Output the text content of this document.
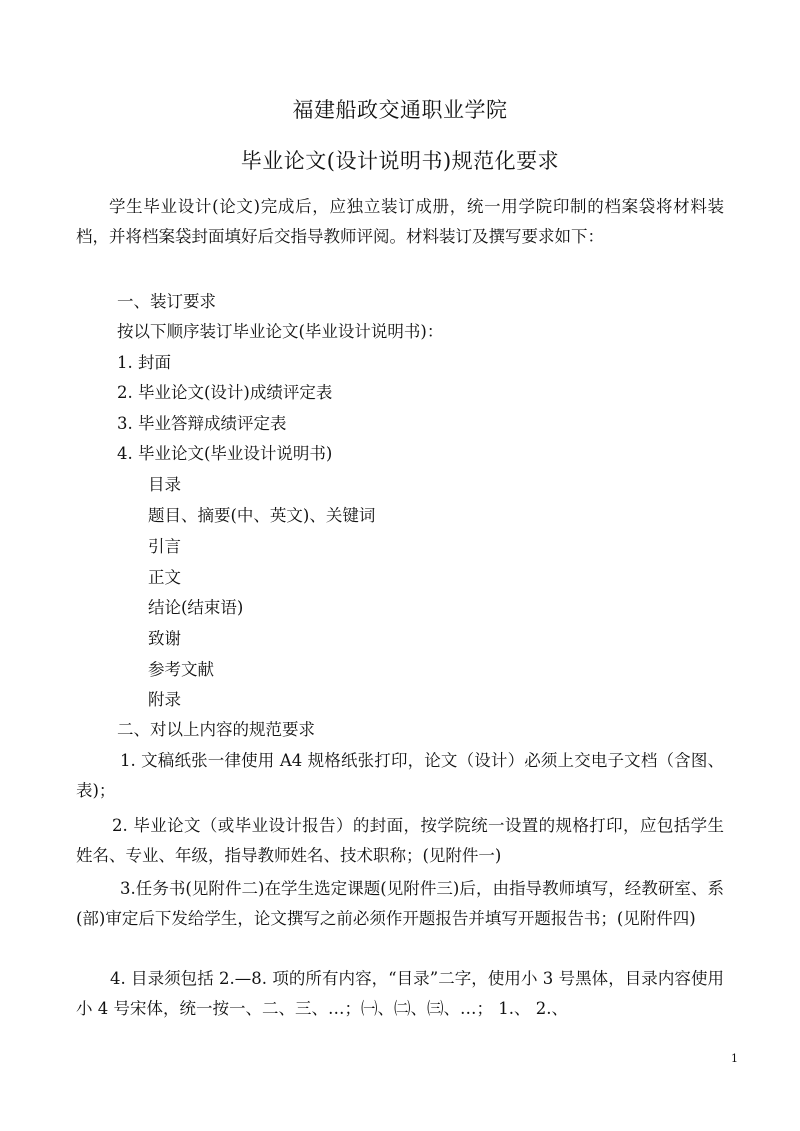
福建船政交通职业学院
毕业论文(设计说明书)规范化要求

学生毕业设计(论文)完成后，应独立装订成册，统一用学院印制的档案袋将材料装档，并将档案袋封面填好后交指导教师评阅。材料装订及撰写要求如下：

一、装订要求
按以下顺序装订毕业论文(毕业设计说明书)：
1. 封面
2. 毕业论文(设计)成绩评定表
3. 毕业答辩成绩评定表
4. 毕业论文(毕业设计说明书)
目录
题目、摘要(中、英文)、关键词
引言
正文
结论(结束语)
致谢
参考文献
附录
二、对以上内容的规范要求

1. 文稿纸张一律使用 A4 规格纸张打印，论文（设计）必须上交电子文档（含图、表)；

2. 毕业论文（或毕业设计报告）的封面，按学院统一设置的规格打印，应包括学生姓名、专业、年级，指导教师姓名、技术职称；(见附件一)

3.任务书(见附件二)在学生选定课题(见附件三)后，由指导教师填写，经教研室、系(部)审定后下发给学生，论文撰写之前必须作开题报告并填写开题报告书；(见附件四)

4. 目录须包括 2.—8. 项的所有内容，“目录”二字，使用小 3 号黑体，目录内容使用小 4 号宋体，统一按一、二、三、…；㈠、㈡、㈢、…； 1.、 2.、

1
